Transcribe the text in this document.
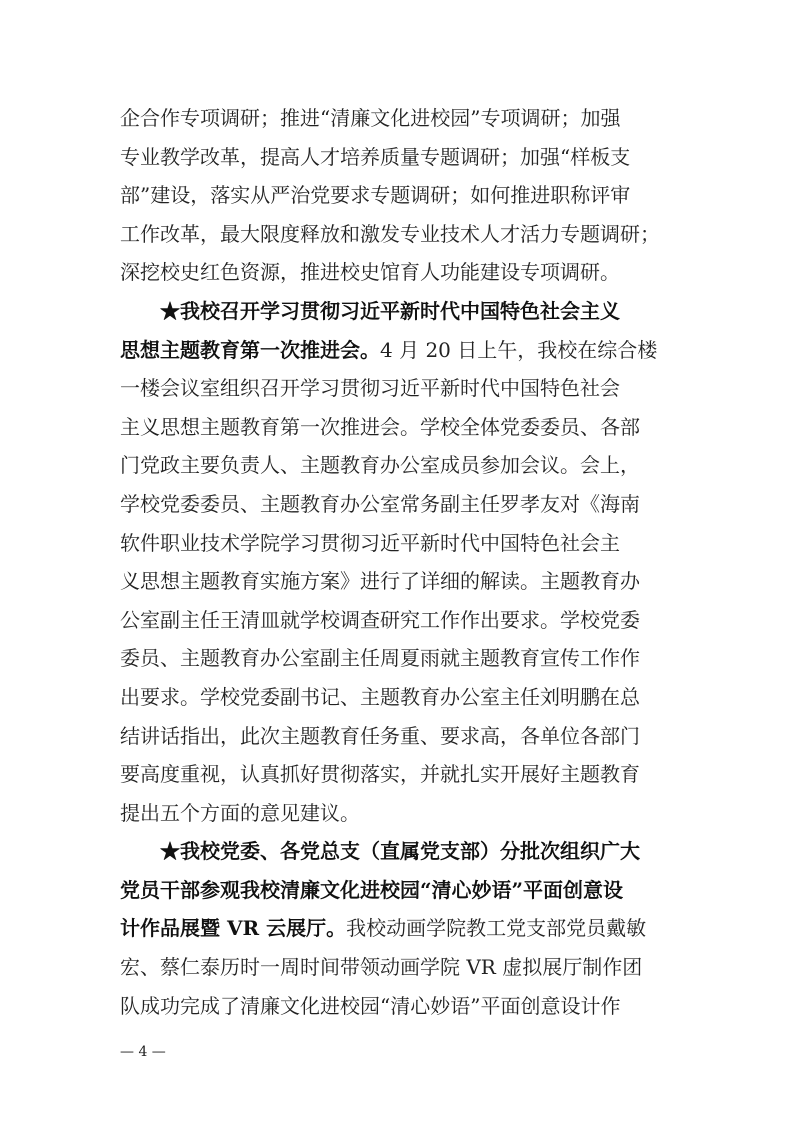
企合作专项调研；推进“清廉文化进校园”专项调研；加强
专业教学改革，提高人才培养质量专题调研；加强“样板支
部”建设，落实从严治党要求专题调研；如何推进职称评审
工作改革，最大限度释放和激发专业技术人才活力专题调研；
深挖校史红色资源，推进校史馆育人功能建设专项调研。

★我校召开学习贯彻习近平新时代中国特色社会主义
思想主题教育第一次推进会。4 月 20 日上午，我校在综合楼
一楼会议室组织召开学习贯彻习近平新时代中国特色社会
主义思想主题教育第一次推进会。学校全体党委委员、各部
门党政主要负责人、主题教育办公室成员参加会议。会上，
学校党委委员、主题教育办公室常务副主任罗孝友对《海南
软件职业技术学院学习贯彻习近平新时代中国特色社会主
义思想主题教育实施方案》进行了详细的解读。主题教育办
公室副主任王清皿就学校调查研究工作作出要求。学校党委
委员、主题教育办公室副主任周夏雨就主题教育宣传工作作
出要求。学校党委副书记、主题教育办公室主任刘明鹏在总
结讲话指出，此次主题教育任务重、要求高，各单位各部门
要高度重视，认真抓好贯彻落实，并就扎实开展好主题教育
提出五个方面的意见建议。

★我校党委、各党总支（直属党支部）分批次组织广大
党员干部参观我校清廉文化进校园“清心妙语”平面创意设
计作品展暨 VR 云展厅。我校动画学院教工党支部党员戴敏
宏、蔡仁泰历时一周时间带领动画学院 VR 虚拟展厅制作团
队成功完成了清廉文化进校园“清心妙语”平面创意设计作

— 4 —
